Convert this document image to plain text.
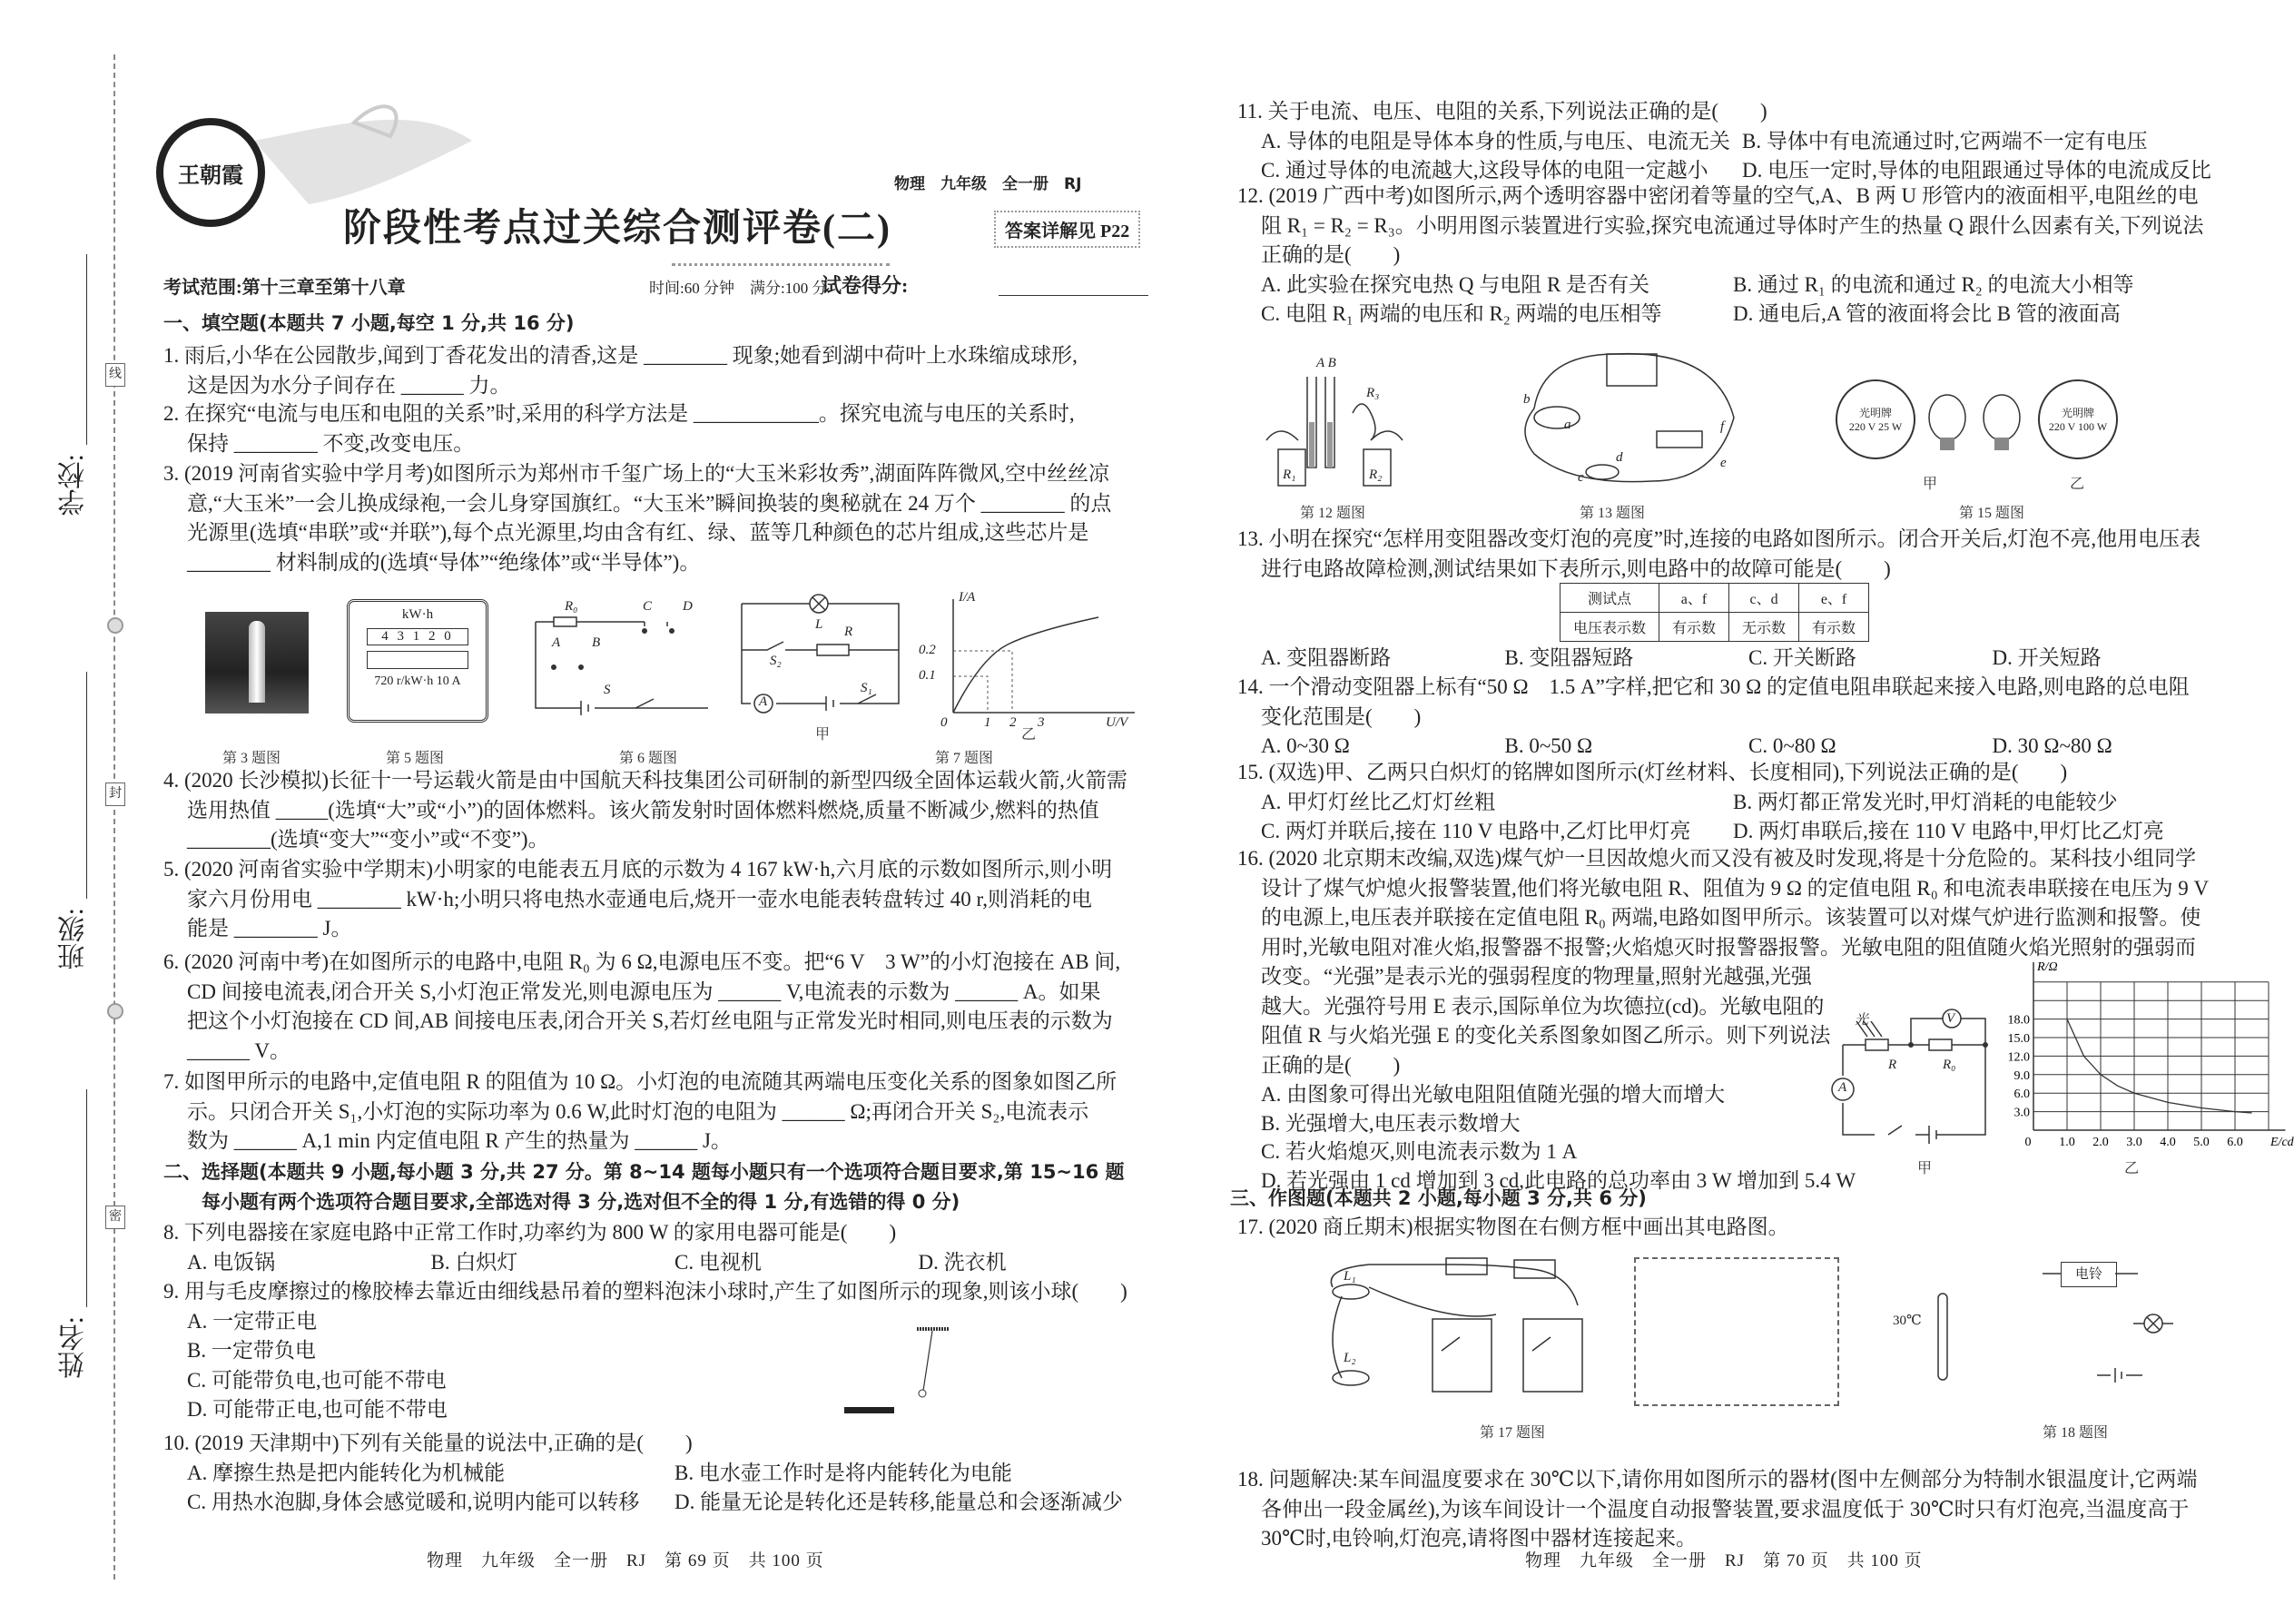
学校:
班级:
姓名:
线
封
密
王朝霞	物理　九年级　全一册　RJ
阶段性考点过关综合测评卷(二)	答案详解见 P22
考试范围:第十三章至第十八章	时间:60 分钟　满分:100 分
试卷得分:
一、填空题(本题共 7 小题,每空 1 分,共 16 分)
1. 雨后,小华在公园散步,闻到丁香花发出的清香,这是 ________ 现象;她看到湖中荷叶上水珠缩成球形,
这是因为水分子间存在 ______ 力。
2. 在探究“电流与电压和电阻的关系”时,采用的科学方法是 ____________。探究电流与电压的关系时,
保持 ________ 不变,改变电压。
3. (2019 河南省实验中学月考)如图所示为郑州市千玺广场上的“大玉米彩妆秀”,湖面阵阵微风,空中丝丝凉
意,“大玉米”一会儿换成绿袍,一会儿身穿国旗红。“大玉米”瞬间换装的奥秘就在 24 万个 ________ 的点
光源里(选填“串联”或“并联”),每个点光源里,均由含有红、绿、蓝等几种颜色的芯片组成,这些芯片是
________ 材料制成的(选填“导体”“绝缘体”或“半导体”)。
第 3 题图
kW·h
4 3 1 2 0
720 r/kW·h 10 A
第 5 题图
R₀	C D
A B
S
第 6 题图
L R
S₂
S₁
A
甲
I/A
0.2
0.1
0	1 2 3	U/V
乙
第 7 题图
4. (2020 长沙模拟)长征十一号运载火箭是由中国航天科技集团公司研制的新型四级全固体运载火箭,火箭需
选用热值 _____(选填“大”或“小”)的固体燃料。该火箭发射时固体燃料燃烧,质量不断减少,燃料的热值
________(选填“变大”“变小”或“不变”)。
5. (2020 河南省实验中学期末)小明家的电能表五月底的示数为 4 167 kW·h,六月底的示数如图所示,则小明
家六月份用电 ________ kW·h;小明只将电热水壶通电后,烧开一壶水电能表转盘转过 40 r,则消耗的电
能是 ________ J。
6. (2020 河南中考)在如图所示的电路中,电阻 R₀ 为 6 Ω,电源电压不变。把“6 V　3 W”的小灯泡接在 AB 间,
CD 间接电流表,闭合开关 S,小灯泡正常发光,则电源电压为 ______ V,电流表的示数为 ______ A。如果
把这个小灯泡接在 CD 间,AB 间接电压表,闭合开关 S,若灯丝电阻与正常发光时相同,则电压表的示数为
______ V。
7. 如图甲所示的电路中,定值电阻 R 的阻值为 10 Ω。小灯泡的电流随其两端电压变化关系的图象如图乙所
示。只闭合开关 S₁,小灯泡的实际功率为 0.6 W,此时灯泡的电阻为 ______ Ω;再闭合开关 S₂,电流表示
数为 ______ A,1 min 内定值电阻 R 产生的热量为 ______ J。
二、选择题(本题共 9 小题,每小题 3 分,共 27 分。第 8~14 题每小题只有一个选项符合题目要求,第 15~16 题
　　每小题有两个选项符合题目要求,全部选对得 3 分,选对但不全的得 1 分,有选错的得 0 分)
8. 下列电器接在家庭电路中正常工作时,功率约为 800 W 的家用电器可能是(　　)
A. 电饭锅	B. 白炽灯	C. 电视机	D. 洗衣机
9. 用与毛皮摩擦过的橡胶棒去靠近由细线悬吊着的塑料泡沫小球时,产生了如图所示的现象,则该小球(　　)
A. 一定带正电
B. 一定带负电
C. 可能带负电,也可能不带电
D. 可能带正电,也可能不带电
10. (2019 天津期中)下列有关能量的说法中,正确的是(　　)
A. 摩擦生热是把内能转化为机械能	B. 电水壶工作时是将内能转化为电能
C. 用热水泡脚,身体会感觉暖和,说明内能可以转移	D. 能量无论是转化还是转移,能量总和会逐渐减少
物理　九年级　全一册　RJ　第 69 页　共 100 页
11. 关于电流、电压、电阻的关系,下列说法正确的是(　　)
A. 导体的电阻是导体本身的性质,与电压、电流无关 B. 导体中有电流通过时,它两端不一定有电压
C. 通过导体的电流越大,这段导体的电阻一定越小	D. 电压一定时,导体的电阻跟通过导体的电流成反比
12. (2019 广西中考)如图所示,两个透明容器中密闭着等量的空气,A、B 两 U 形管内的液面相平,电阻丝的电
阻 R₁ = R₂ = R₃。小明用图示装置进行实验,探究电流通过导体时产生的热量 Q 跟什么因素有关,下列说法
正确的是(　　)
A. 此实验在探究电热 Q 与电阻 R 是否有关	B. 通过 R₁ 的电流和通过 R₂ 的电流大小相等
C. 电阻 R₁ 两端的电压和 R₂ 两端的电压相等	D. 通电后,A 管的液面将会比 B 管的液面高
A B
R₃
R₁	R₂
第 12 题图
b
a
c
d	e
f
第 13 题图
光明牌
220 V 25 W
光明牌
220 V 100 W
甲	乙
第 15 题图
13. 小明在探究“怎样用变阻器改变灯泡的亮度”时,连接的电路如图所示。闭合开关后,灯泡不亮,他用电压表
进行电路故障检测,测试结果如下表所示,则电路中的故障可能是(　　)
测试点	a、f	c、d	e、f
电压表示数	有示数	无示数	有示数
A. 变阻器断路	B. 变阻器短路	C. 开关断路	D. 开关短路
14. 一个滑动变阻器上标有“50 Ω　1.5 A”字样,把它和 30 Ω 的定值电阻串联起来接入电路,则电路的总电阻
变化范围是(　　)
A. 0~30 Ω	B. 0~50 Ω	C. 0~80 Ω	D. 30 Ω~80 Ω
15. (双选)甲、乙两只白炽灯的铭牌如图所示(灯丝材料、长度相同),下列说法正确的是(　　)
A. 甲灯灯丝比乙灯灯丝粗	B. 两灯都正常发光时,甲灯消耗的电能较少
C. 两灯并联后,接在 110 V 电路中,乙灯比甲灯亮	D. 两灯串联后,接在 110 V 电路中,甲灯比乙灯亮
16. (2020 北京期末改编,双选)煤气炉一旦因故熄火而又没有被及时发现,将是十分危险的。某科技小组同学
设计了煤气炉熄火报警装置,他们将光敏电阻 R、阻值为 9 Ω 的定值电阻 R₀ 和电流表串联接在电压为 9 V
的电源上,电压表并联接在定值电阻 R₀ 两端,电路如图甲所示。该装置可以对煤气炉进行监测和报警。使
用时,光敏电阻对准火焰,报警器不报警;火焰熄灭时报警器报警。光敏电阻的阻值随火焰光照射的强弱而
改变。“光强”是表示光的强弱程度的物理量,照射光越强,光强
越大。光强符号用 E 表示,国际单位为坎德拉(cd)。光敏电阻的
阻值 R 与火焰光强 E 的变化关系图象如图乙所示。则下列说法
正确的是(　　)
A. 由图象可得出光敏电阻阻值随光强的增大而增大
B. 光强增大,电压表示数增大
C. 若火焰熄灭,则电流表示数为 1 A
D. 若光强由 1 cd 增加到 3 cd,此电路的总功率由 3 W 增加到 5.4 W
光	V
R	R₀
A
甲
18.0
15.0
12.0
9.0
6.0
3.0
0 1.0 2.0 3.0 4.0 5.0 6.0
R/Ω
E/cd
乙
三、作图题(本题共 2 小题,每小题 3 分,共 6 分)
17. (2020 商丘期末)根据实物图在右侧方框中画出其电路图。
L₁
L₂
第 17 题图
电铃
30℃
第 18 题图
18. 问题解决:某车间温度要求在 30℃以下,请你用如图所示的器材(图中左侧部分为特制水银温度计,它两端
各伸出一段金属丝),为该车间设计一个温度自动报警装置,要求温度低于 30℃时只有灯泡亮,当温度高于
30℃时,电铃响,灯泡亮,请将图中器材连接起来。
物理　九年级　全一册　RJ　第 70 页　共 100 页
